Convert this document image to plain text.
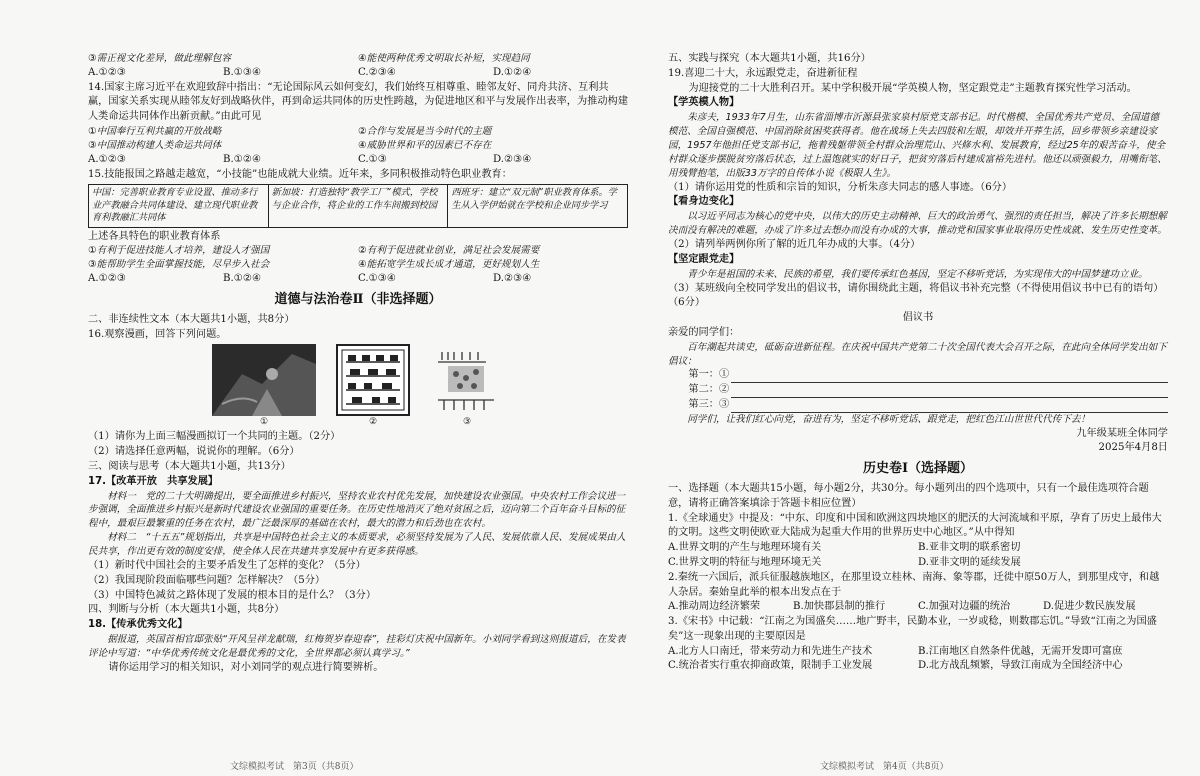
③需正视文化差异，做此理解包容	④能使两种优秀文明取长补短，实现趋同

A.①②③	B.①③④	C.②③④	D.①②④

14.国家主席习近平在欢迎致辞中指出：“无论国际风云如何变幻，我们始终互相尊重、睦邻友好、同舟共济、互利共赢，国家关系实现从睦邻友好到战略伙伴，再到命运共同体的历史性跨越，为促进地区和平与发展作出表率，为推动构建人类命运共同体作出新贡献。”由此可见

①中国奉行互利共赢的开放战略	②合作与发展是当今时代的主题

③中国推动构建人类命运共同体	④威胁世界和平的因素已不存在

A.①②③	B.①②④	C.①③	D.②③④

15.技能报国之路越走越宽，“小技能”也能成就大业绩。近年来，多同积极推动特色职业教育：

中国：完善职业教育专业设置、推动多行业产教融合共同体建设、建立现代职业教育利教融汇共同体
新加坡：打造独特“教学工厂”模式，学校与企业合作，将企业的工作车间搬到校园
西班牙：建立“双元制”职业教育体系。学生从入学伊始就在学校和企业同步学习

上述各具特色的职业教育体系

①有利于促进技能人才培养，建设人才强国	②有利于促进就业创业，满足社会发展需要

③能帮助学生全面掌握技能，尽早步入社会	④能拓宽学生成长成才通道，更好规划人生

A.①②③	B.①②④	C.①③④	D.②③④

道德与法治卷Ⅱ（非选择题）

二、非连续性文本（本大题共1小题，共8分）

16.观察漫画，回答下列问题。

①	②	③

（1）请你为上面三幅漫画拟订一个共同的主题。（2分）

（2）请选择任意两幅，说说你的理解。（6分）

三、阅读与思考（本大题共1小题，共13分）

17.【改革开放　共享发展】

材料一　党的二十大明确提出，要全面推进乡村振兴，坚持农业农村优先发展，加快建设农业强国。中央农村工作会议进一步强调，全面推进乡村振兴是新时代建设农业强国的重要任务。在历史性地消灭了绝对贫困之后，迈向第二个百年奋斗目标的征程中，最艰巨最繁重的任务在农村，最广泛最深厚的基础在农村，最大的潜力和后劲也在农村。

材料二　“十五五”规划指出，共享是中国特色社会主义的本质要求，必须坚持发展为了人民、发展依靠人民、发展成果由人民共享，作出更有效的制度安排，使全体人民在共建共享发展中有更多获得感。

（1）新时代中国社会的主要矛盾发生了怎样的变化？（5分）

（2）我国现阶段面临哪些问题？怎样解决？（5分）

（3）中国特色减贫之路体现了发展的根本目的是什么？（3分）

四、判断与分析（本大题共1小题，共8分）

18.【传承优秀文化】

据报道，英国首相官邸张贴“开风呈祥龙献瑞，红梅贺岁春迎春”，挂彩灯庆祝中国新年。小刘同学看到这则报道后，在发表评论中写道：“中华优秀传统文化是最优秀的文化，全世界都必须认真学习。”

请你运用学习的相关知识，对小刘同学的观点进行简要辨析。

五、实践与探究（本大题共1小题，共16分）

19.喜迎二十大，永远跟党走，奋进新征程

为迎接党的二十大胜利召开。某中学积极开展“学英模人物，坚定跟党走”主题教育探究性学习活动。

【学英模人物】

朱彦夫，1933年7月生，山东省淄博市沂源县张家泉村原党支部书记。时代楷模、全国优秀共产党员、全国道德模范、全国自强模范、中国消除贫困奖获得者。他在战场上失去四肢和左眼，却效并开荞生活，回乡带领乡亲建设家园，1957年他担任党支部书记，拖着残躯带领全村群众治理荒山、兴修水利、发展教育，经过25年的艰苦奋斗，使全村群众逐步摆脱贫穷落后状态，过上温饱就实的好日子，把贫穷落后村建成富裕先进村。他还以顽强毅力，用嘴衔笔、用残臂抱笔，出版33万字的自传体小说《极限人生》。

（1）请你运用党的性质和宗旨的知识，分析朱彦夫同志的感人事迹。（6分）

【看身边变化】

以习近平同志为核心的党中央，以伟大的历史主动精神、巨大的政治勇气、强烈的责任担当，解决了许多长期想解决而没有解决的难题，办成了许多过去想办而没有办成的大事，推动党和国家事业取得历史性成就、发生历史性变革。

（2）请列举两例你所了解的近几年办成的大事。（4分）

【坚定跟党走】

青少年是祖国的未来、民族的希望，我们要传承红色基因，坚定不移听党话，为实现伟大的中国梦建功立业。

（3）某班级向全校同学发出的倡议书，请你围绕此主题，将倡议书补充完整（不得使用倡议书中已有的语句）（6分）

倡议书

亲爱的同学们：

百年潮起共读史，砥砺奋进新征程。在庆祝中国共产党第二十次全国代表大会召开之际，在此向全体同学发出如下倡议：

第一：①
第二：②
第三：③

同学们，让我们红心向党，奋进有为，坚定不移听党话、跟党走，把红色江山世世代代传下去！

九年级某班全体同学

2025年4月8日

历史卷Ⅰ（选择题）

一、选择题（本大题共15小题，每小题2分，共30分。每小题列出的四个选项中，只有一个最佳选项符合题意，请将正确答案填涂于答题卡相应位置）

1.《全球通史》中提及：“中东、印度和中国和欧洲这四块地区的肥沃的大河流域和平原，孕育了历史上最伟大的文明。这些文明使欧亚大陆成为起重大作用的世界历史中心地区。”从中得知

A.世界文明的产生与地理环境有关	B.亚非文明的联系密切

C.世界文明的特征与地理环境无关	D.亚非文明的延续发展

2.秦统一六国后，派兵征服越族地区，在那里设立桂林、南海、象等郡，迁徙中原50万人，到那里戍守，和越人杂居。秦始皇此举的根本出发点在于

A.推动周边经济繁荣	B.加快郡县制的推行	C.加强对边疆的统治	D.促进少数民族发展

3.《宋书》中记载：“江南之为国盛矣……地广野丰，民勤本业，一岁或稔，则数郡忘饥。”导致“江南之为国盛矣”这一现象出现的主要原因是

A.北方人口南迁，带来劳动力和先进生产技术	B.江南地区自然条件优越，无需开发即可富庶

C.统治者实行重农抑商政策，限制手工业发展	D.北方战乱频繁，导致江南成为全国经济中心

文综模拟考试　第3页（共8页）	文综模拟考试　第4页（共8页）
